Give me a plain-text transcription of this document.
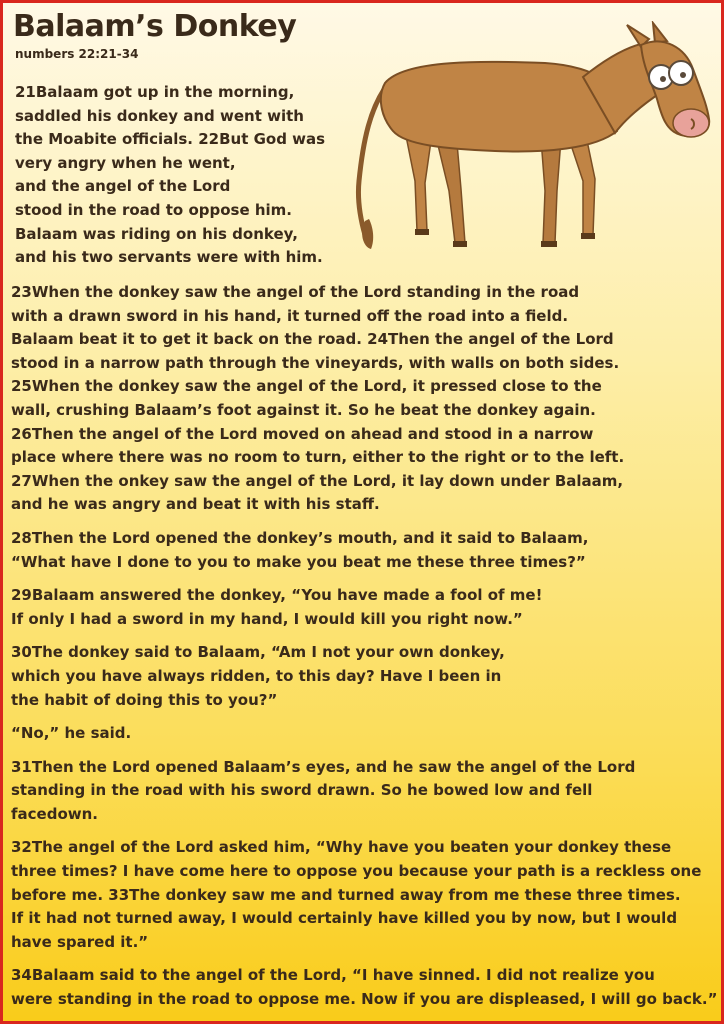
Balaam’s Donkey
numbers 22:21-34

21Balaam got up in the morning,
saddled his donkey and went with
the Moabite officials. 22But God was
very angry when he went,
and the angel of the Lord
stood in the road to oppose him.
Balaam was riding on his donkey,
and his two servants were with him.

23When the donkey saw the angel of the Lord standing in the road
with a drawn sword in his hand, it turned off the road into a field.
Balaam beat it to get it back on the road. 24Then the angel of the Lord
stood in a narrow path through the vineyards, with walls on both sides.
25When the donkey saw the angel of the Lord, it pressed close to the
wall, crushing Balaam’s foot against it. So he beat the donkey again.
26Then the angel of the Lord moved on ahead and stood in a narrow
place where there was no room to turn, either to the right or to the left.
27When the onkey saw the angel of the Lord, it lay down under Balaam,
and he was angry and beat it with his staff.

28Then the Lord opened the donkey’s mouth, and it said to Balaam,
“What have I done to you to make you beat me these three times?”

29Balaam answered the donkey, “You have made a fool of me!
If only I had a sword in my hand, I would kill you right now.”

30The donkey said to Balaam, “Am I not your own donkey,
which you have always ridden, to this day? Have I been in
the habit of doing this to you?”

“No,” he said.

31Then the Lord opened Balaam’s eyes, and he saw the angel of the Lord
standing in the road with his sword drawn. So he bowed low and fell
facedown.

32The angel of the Lord asked him, “Why have you beaten your donkey these
three times? I have come here to oppose you because your path is a reckless one
before me. 33The donkey saw me and turned away from me these three times.
If it had not turned away, I would certainly have killed you by now, but I would
have spared it.”

34Balaam said to the angel of the Lord, “I have sinned. I did not realize you
were standing in the road to oppose me. Now if you are displeased, I will go back.”
